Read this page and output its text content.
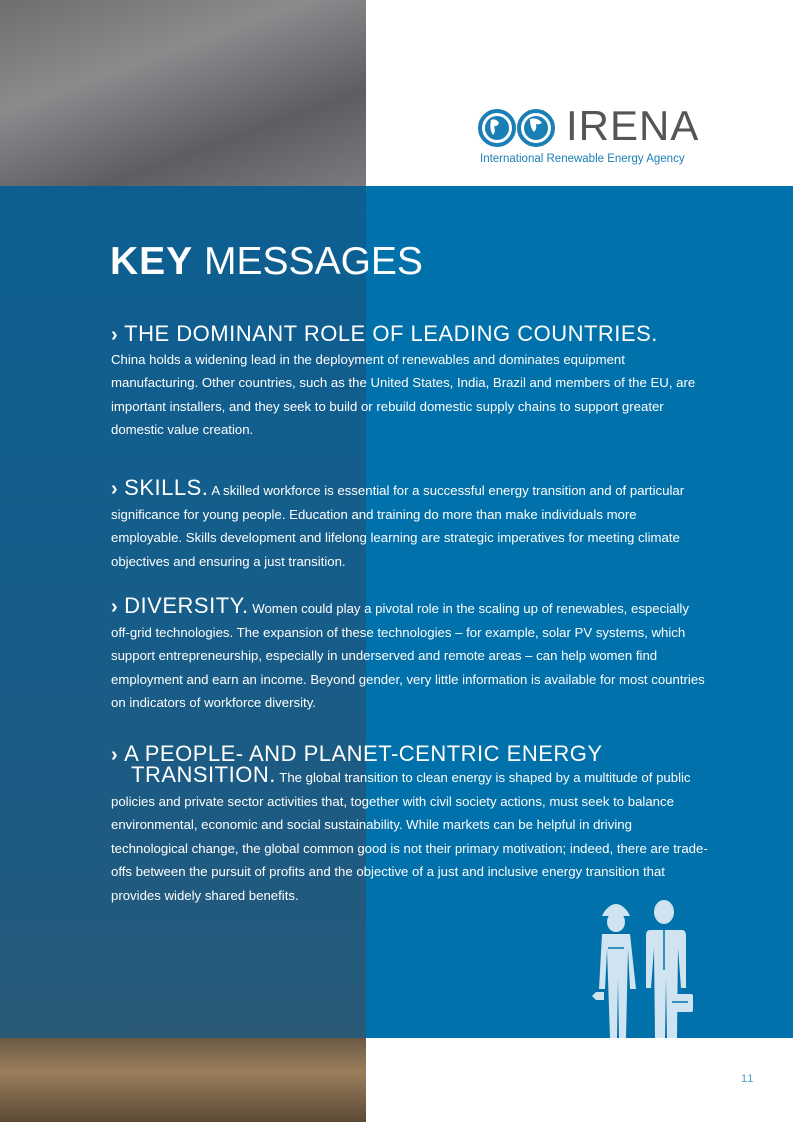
IRENA
International Renewable Energy Agency
KEY MESSAGES
› THE DOMINANT ROLE OF LEADING COUNTRIES.
China holds a widening lead in the deployment of renewables and dominates equipment manufacturing. Other countries, such as the United States, India, Brazil and members of the EU, are important installers, and they seek to build or rebuild domestic supply chains to support greater domestic value creation.
› SKILLS. A skilled workforce is essential for a successful energy transition and of particular significance for young people. Education and training do more than make individuals more employable. Skills development and lifelong learning are strategic imperatives for meeting climate objectives and ensuring a just transition.
› DIVERSITY. Women could play a pivotal role in the scaling up of renewables, especially off-grid technologies. The expansion of these technologies – for example, solar PV systems, which support entrepreneurship, especially in underserved and remote areas – can help women find employment and earn an income. Beyond gender, very little information is available for most countries on indicators of workforce diversity.
› A PEOPLE- AND PLANET-CENTRIC ENERGY
TRANSITION. The global transition to clean energy is shaped by a multitude of public policies and private sector activities that, together with civil society actions, must seek to balance environmental, economic and social sustainability. While markets can be helpful in driving technological change, the global common good is not their primary motivation; indeed, there are trade-offs between the pursuit of profits and the objective of a just and inclusive energy transition that provides widely shared benefits.
11
